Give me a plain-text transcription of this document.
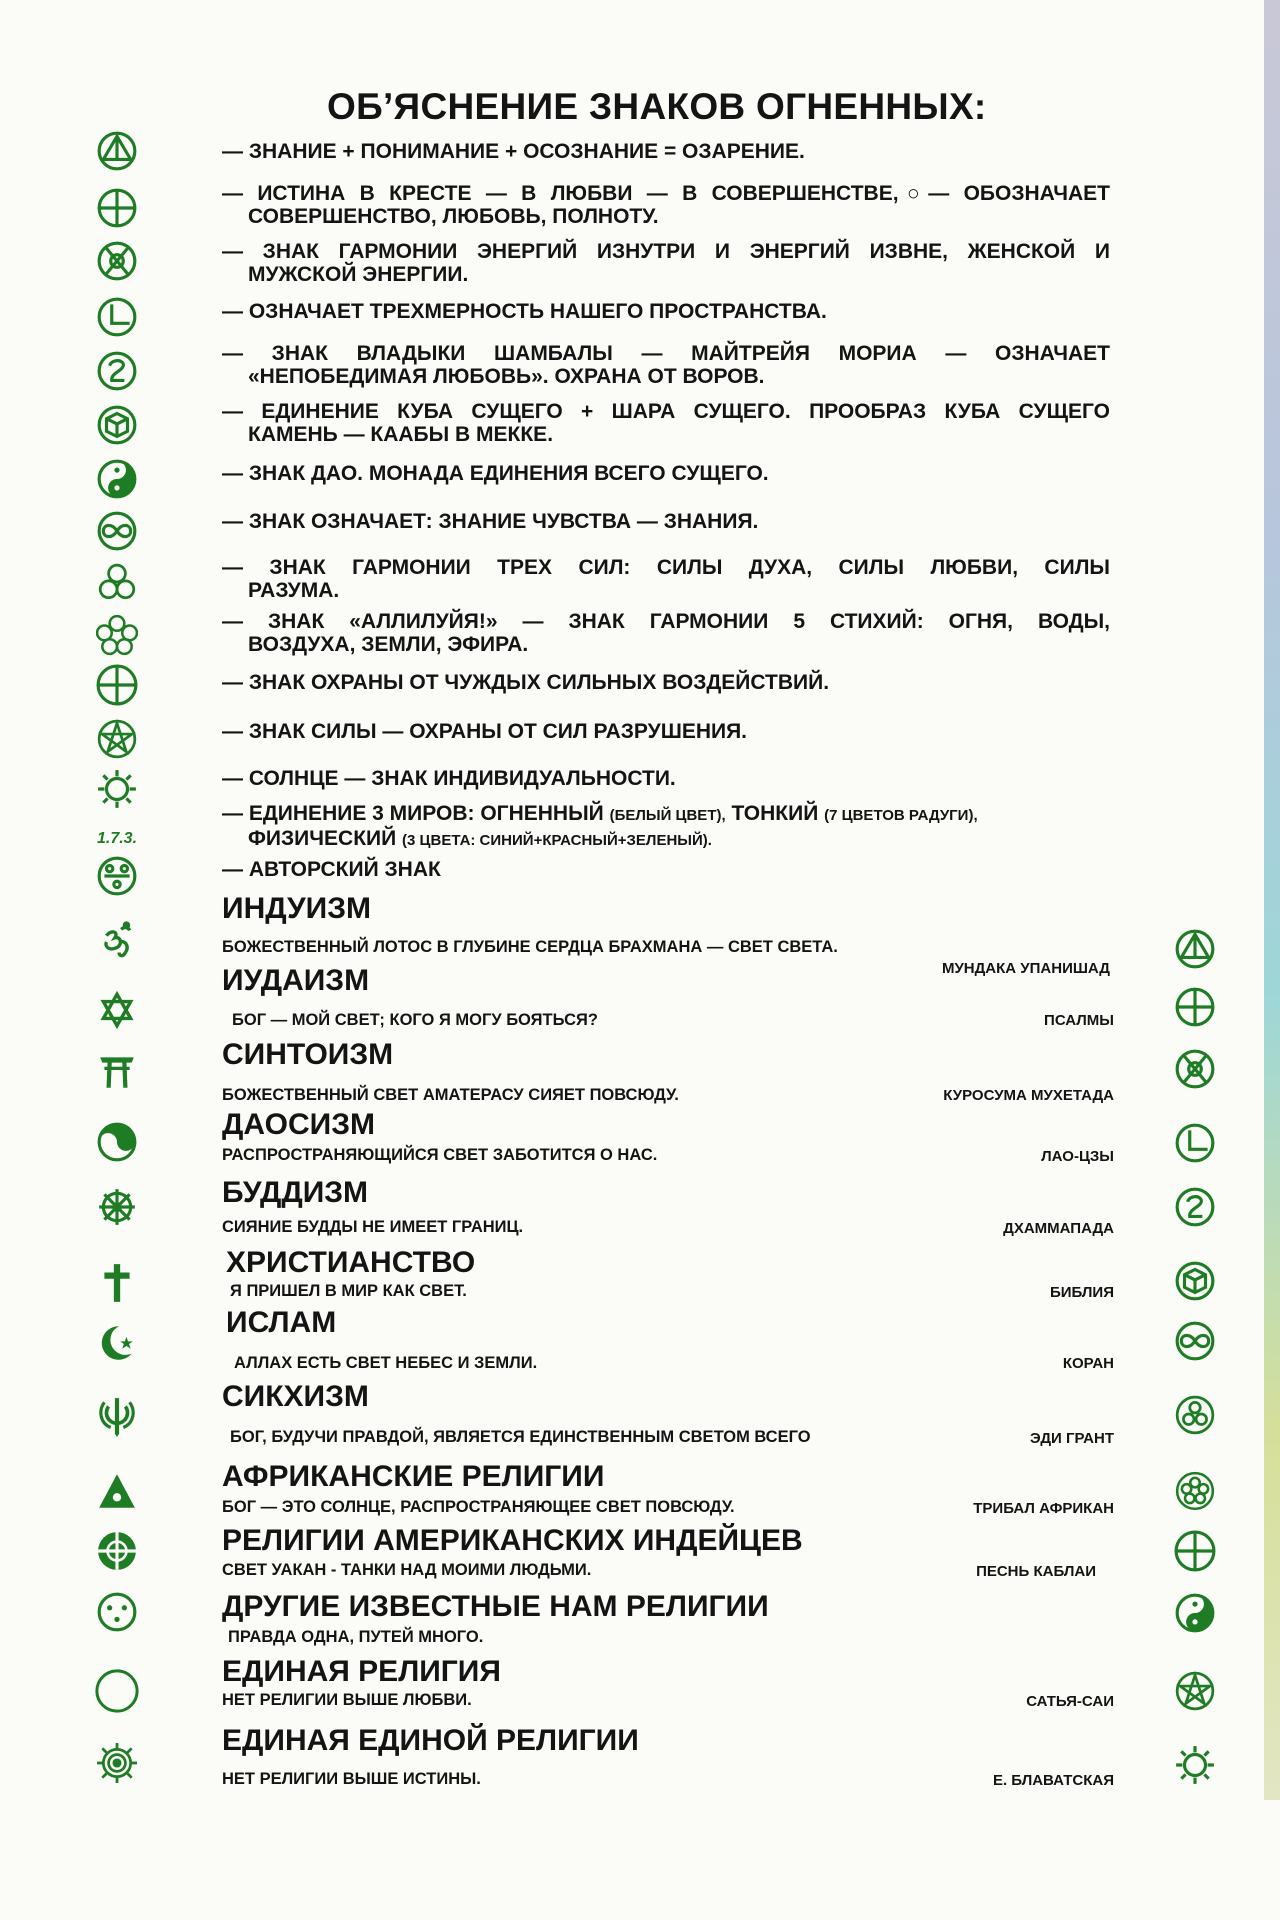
ОБ’ЯСНЕНИЕ ЗНАКОВ ОГНЕННЫХ:
1.7.3.
— ЗНАНИЕ + ПОНИМАНИЕ + ОСОЗНАНИЕ = ОЗАРЕНИЕ.
— ИСТИНА В КРЕСТЕ — В ЛЮБВИ — В СОВЕРШЕНСТВЕ,○— ОБОЗНАЧАЕТ
СОВЕРШЕНСТВО, ЛЮБОВЬ, ПОЛНОТУ.
— ЗНАК ГАРМОНИИ ЭНЕРГИЙ ИЗНУТРИ И ЭНЕРГИЙ ИЗВНЕ, ЖЕНСКОЙ И
МУЖСКОЙ ЭНЕРГИИ.
— ОЗНАЧАЕТ ТРЕХМЕРНОСТЬ НАШЕГО ПРОСТРАНСТВА.
— ЗНАК ВЛАДЫКИ ШАМБАЛЫ — МАЙТРЕЙЯ МОРИА — ОЗНАЧАЕТ
«НЕПОБЕДИМАЯ ЛЮБОВЬ». ОХРАНА ОТ ВОРОВ.
— ЕДИНЕНИЕ КУБА СУЩЕГО + ШАРА СУЩЕГО. ПРООБРАЗ КУБА СУЩЕГО
КАМЕНЬ — КААБЫ В МЕККЕ.
— ЗНАК ДАО. МОНАДА ЕДИНЕНИЯ ВСЕГО СУЩЕГО.
— ЗНАК ОЗНАЧАЕТ: ЗНАНИЕ ЧУВСТВА — ЗНАНИЯ.
— ЗНАК ГАРМОНИИ ТРЕХ СИЛ: СИЛЫ ДУХА, СИЛЫ ЛЮБВИ, СИЛЫ
РАЗУМА.
— ЗНАК «АЛЛИЛУЙЯ!» — ЗНАК ГАРМОНИИ 5 СТИХИЙ: ОГНЯ, ВОДЫ,
ВОЗДУХА, ЗЕМЛИ, ЭФИРА.
— ЗНАК ОХРАНЫ ОТ ЧУЖДЫХ СИЛЬНЫХ ВОЗДЕЙСТВИЙ.
— ЗНАК СИЛЫ — ОХРАНЫ ОТ СИЛ РАЗРУШЕНИЯ.
— СОЛНЦЕ — ЗНАК ИНДИВИДУАЛЬНОСТИ.
— ЕДИНЕНИЕ 3 МИРОВ: ОГНЕННЫЙ (БЕЛЫЙ ЦВЕТ), ТОНКИЙ (7 ЦВЕТОВ РАДУГИ),
ФИЗИЧЕСКИЙ (3 ЦВЕТА: СИНИЙ+КРАСНЫЙ+ЗЕЛЕНЫЙ).
— АВТОРСКИЙ ЗНАК
ИНДУИЗМ
БОЖЕСТВЕННЫЙ ЛОТОС В ГЛУБИНЕ СЕРДЦА БРАХМАНА — СВЕТ СВЕТА.
МУНДАКА УПАНИШАД
ИУДАИЗМ
БОГ — МОЙ СВЕТ; КОГО Я МОГУ БОЯТЬСЯ?	ПСАЛМЫ
СИНТОИЗМ
БОЖЕСТВЕННЫЙ СВЕТ АМАТЕРАСУ СИЯЕТ ПОВСЮДУ.	КУРОСУМА МУХЕТАДА
ДАОСИЗМ
РАСПРОСТРАНЯЮЩИЙСЯ СВЕТ ЗАБОТИТСЯ О НАС.	ЛАО-ЦЗЫ
БУДДИЗМ
СИЯНИЕ БУДДЫ НЕ ИМЕЕТ ГРАНИЦ.	ДХАММАПАДА
ХРИСТИАНСТВО
Я ПРИШЕЛ В МИР КАК СВЕТ.	БИБЛИЯ
ИСЛАМ
АЛЛАХ ЕСТЬ СВЕТ НЕБЕС И ЗЕМЛИ.	КОРАН
СИКХИЗМ
БОГ, БУДУЧИ ПРАВДОЙ, ЯВЛЯЕТСЯ ЕДИНСТВЕННЫМ СВЕТОМ ВСЕГО	ЭДИ ГРАНТ
АФРИКАНСКИЕ РЕЛИГИИ
БОГ — ЭТО СОЛНЦЕ, РАСПРОСТРАНЯЮЩЕЕ СВЕТ ПОВСЮДУ.	ТРИБАЛ АФРИКАН
РЕЛИГИИ АМЕРИКАНСКИХ ИНДЕЙЦЕВ
СВЕТ УАКАН - ТАНКИ НАД МОИМИ ЛЮДЬМИ.	ПЕСНЬ КАБЛАИ
ДРУГИЕ ИЗВЕСТНЫЕ НАМ РЕЛИГИИ
ПРАВДА ОДНА, ПУТЕЙ МНОГО.
ЕДИНАЯ РЕЛИГИЯ
НЕТ РЕЛИГИИ ВЫШЕ ЛЮБВИ.	САТЬЯ-САИ
ЕДИНАЯ ЕДИНОЙ РЕЛИГИИ
НЕТ РЕЛИГИИ ВЫШЕ ИСТИНЫ.	Е. БЛАВАТСКАЯ
